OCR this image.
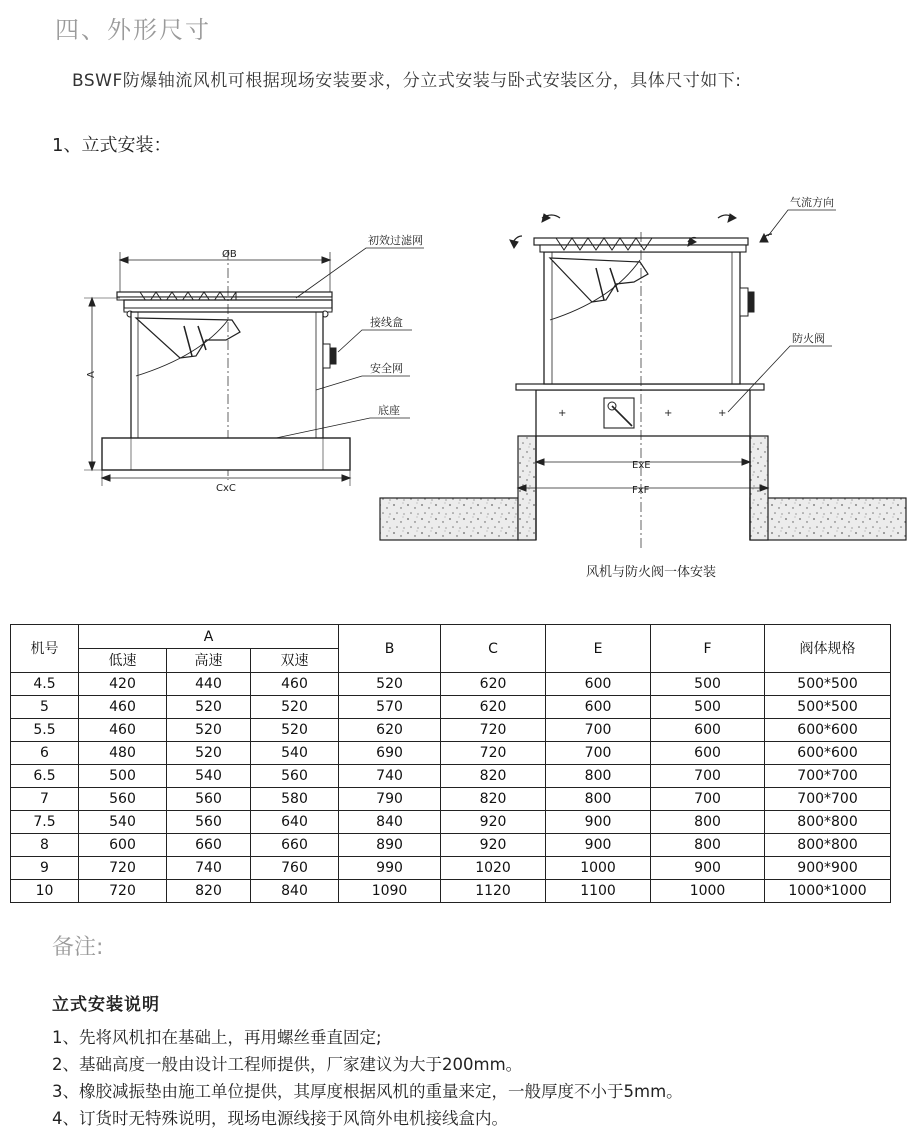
四、外形尺寸
BSWF防爆轴流风机可根据现场安装要求，分立式安装与卧式安装区分，具体尺寸如下:
1、立式安装：
ØB
A
CxC
初效过滤网
接线盒
安全网
底座	+	+	+
ExE
FxF
气流方向
防火阀
风机与防火阀一体安装
机号	A			B	C	E	F	阀体规格
	低速	高速	双速					
4.5	420	440	460	520	620	600	500	500*500
5	460	520	520	570	620	600	500	500*500
5.5	460	520	520	620	720	700	600	600*600
6	480	520	540	690	720	700	600	600*600
6.5	500	540	560	740	820	800	700	700*700
7	560	560	580	790	820	800	700	700*700
7.5	540	560	640	840	920	900	800	800*800
8	600	660	660	890	920	900	800	800*800
9	720	740	760	990	1020	1000	900	900*900
10	720	820	840	1090	1120	1100	1000	1000*1000
备注:
立式安装说明
1、先将风机扣在基础上，再用螺丝垂直固定;
2、基础高度一般由设计工程师提供，厂家建议为大于200mm。
3、橡胶减振垫由施工单位提供，其厚度根据风机的重量来定，一般厚度不小于5mm。
4、订货时无特殊说明，现场电源线接于风筒外电机接线盒内。
